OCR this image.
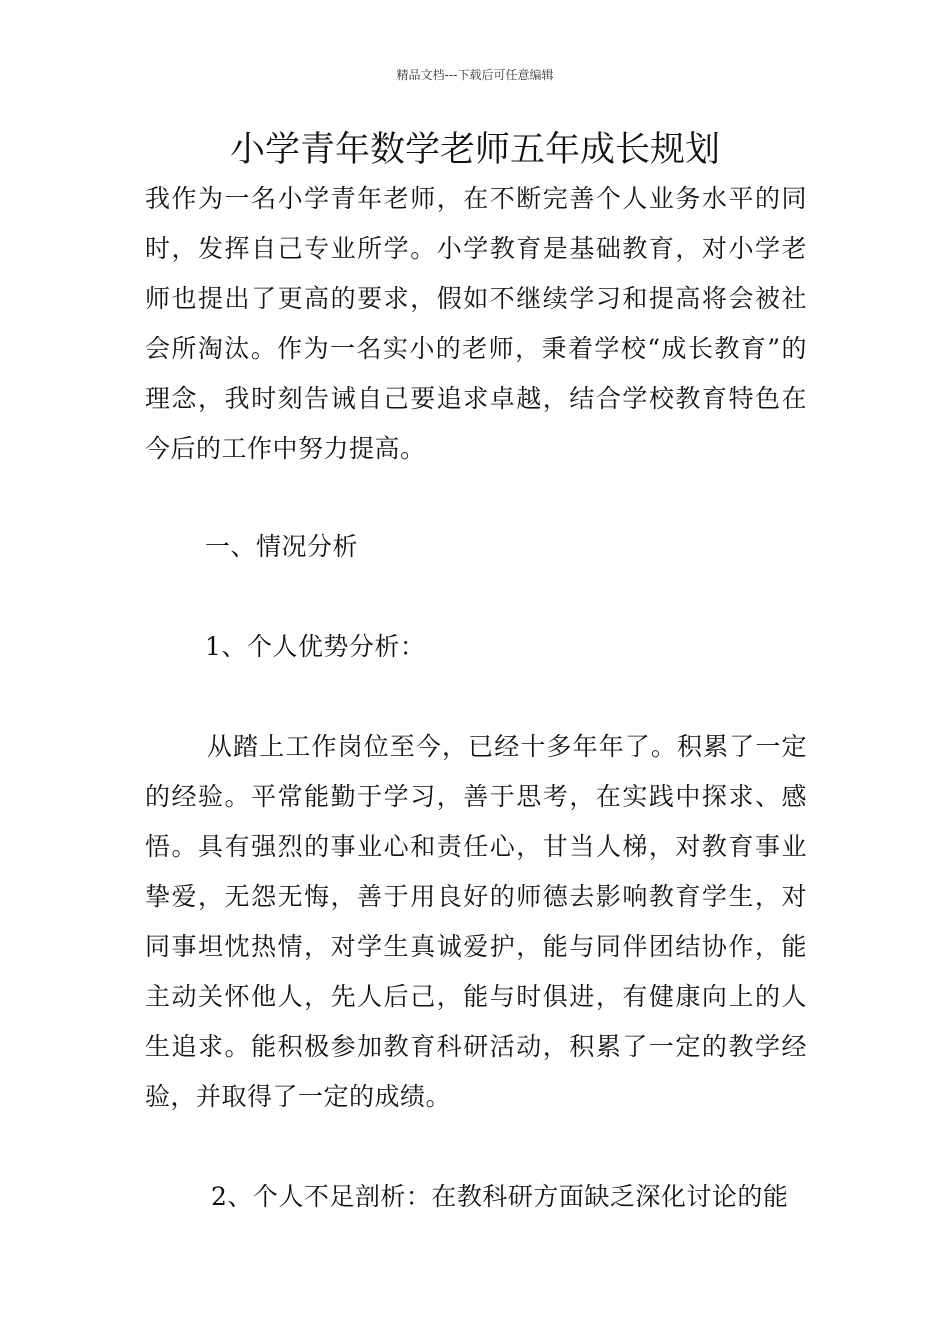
精品文档---下载后可任意编辑
小学青年数学老师五年成长规划
我作为一名小学青年老师，在不断完善个人业务水平的同时，发挥自己专业所学。小学教育是基础教育，对小学老师也提出了更高的要求，假如不继续学习和提高将会被社会所淘汰。作为一名实小的老师，秉着学校“成长教育”的理念，我时刻告诫自己要追求卓越，结合学校教育特色在今后的工作中努力提高。
一、情况分析
1、个人优势分析：
从踏上工作岗位至今，已经十多年年了。积累了一定的经验。平常能勤于学习，善于思考，在实践中探求、感悟。具有强烈的事业心和责任心，甘当人梯，对教育事业挚爱，无怨无悔，善于用良好的师德去影响教育学生，对同事坦忱热情，对学生真诚爱护，能与同伴团结协作，能主动关怀他人，先人后己，能与时俱进，有健康向上的人生追求。能积极参加教育科研活动，积累了一定的教学经验，并取得了一定的成绩。
2、个人不足剖析：在教科研方面缺乏深化讨论的能
